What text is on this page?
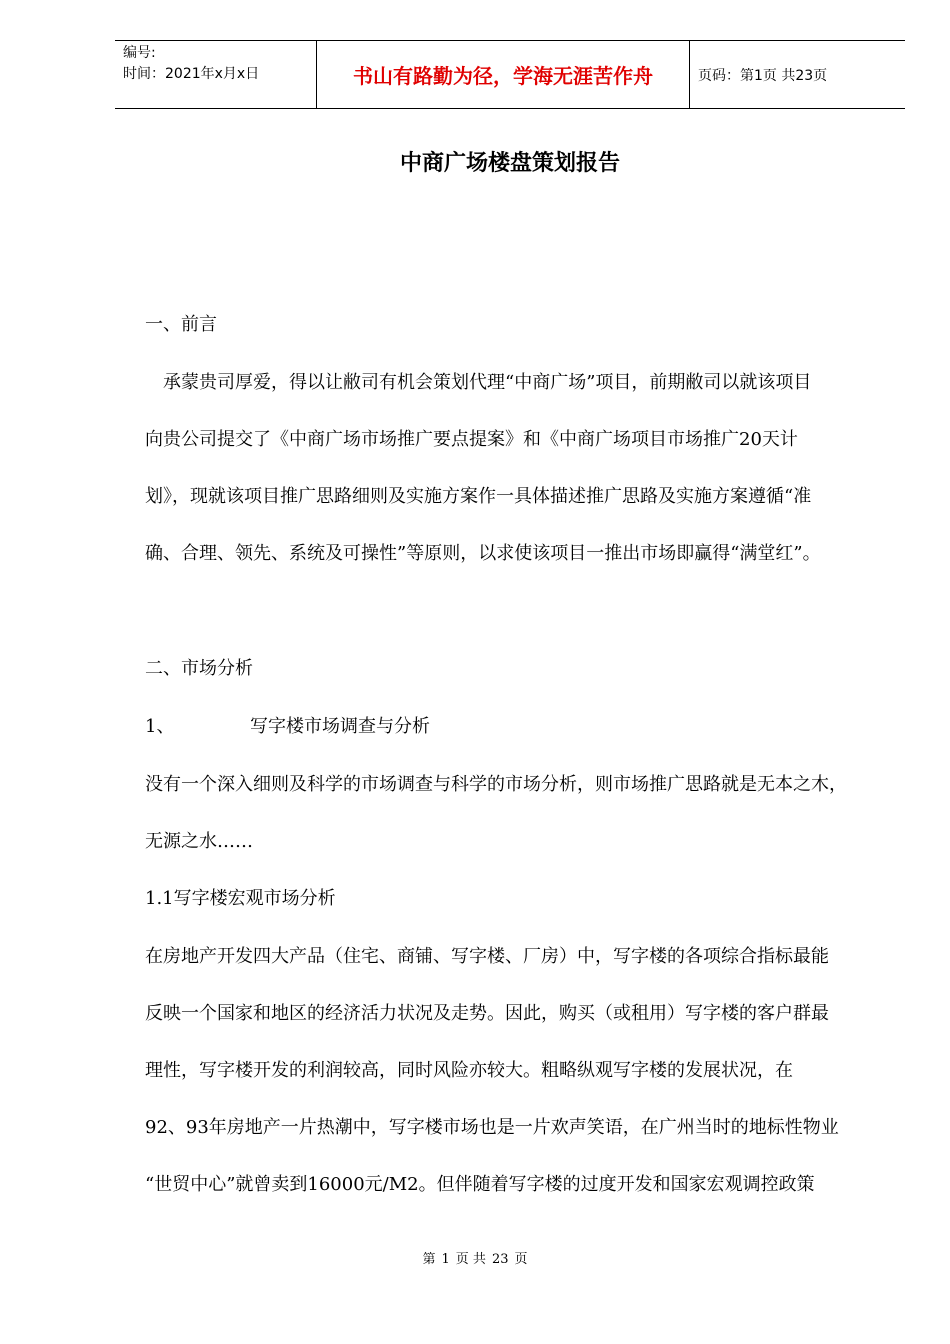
编号:
时间：2021年x月x日	书山有路勤为径，学海无涯苦作舟	页码：第1页 共23页
中商广场楼盘策划报告
一、前言
承蒙贵司厚爱，得以让敝司有机会策划代理“中商广场”项目，前期敝司以就该项目
向贵公司提交了《中商广场市场推广要点提案》和《中商广场项目市场推广20天计
划》，现就该项目推广思路细则及实施方案作一具体描述推广思路及实施方案遵循“准
确、合理、领先、系统及可操性”等原则，以求使该项目一推出市场即赢得“满堂红”。
二、市场分析
1、	写字楼市场调查与分析
没有一个深入细则及科学的市场调查与科学的市场分析，则市场推广思路就是无本之木，
无源之水……
1.1写字楼宏观市场分析
在房地产开发四大产品（住宅、商铺、写字楼、厂房）中，写字楼的各项综合指标最能
反映一个国家和地区的经济活力状况及走势。因此，购买（或租用）写字楼的客户群最
理性，写字楼开发的利润较高，同时风险亦较大。粗略纵观写字楼的发展状况，在
92、93年房地产一片热潮中，写字楼市场也是一片欢声笑语，在广州当时的地标性物业
“世贸中心”就曾卖到16000元/M2。但伴随着写字楼的过度开发和国家宏观调控政策
第 1 页 共 23 页
